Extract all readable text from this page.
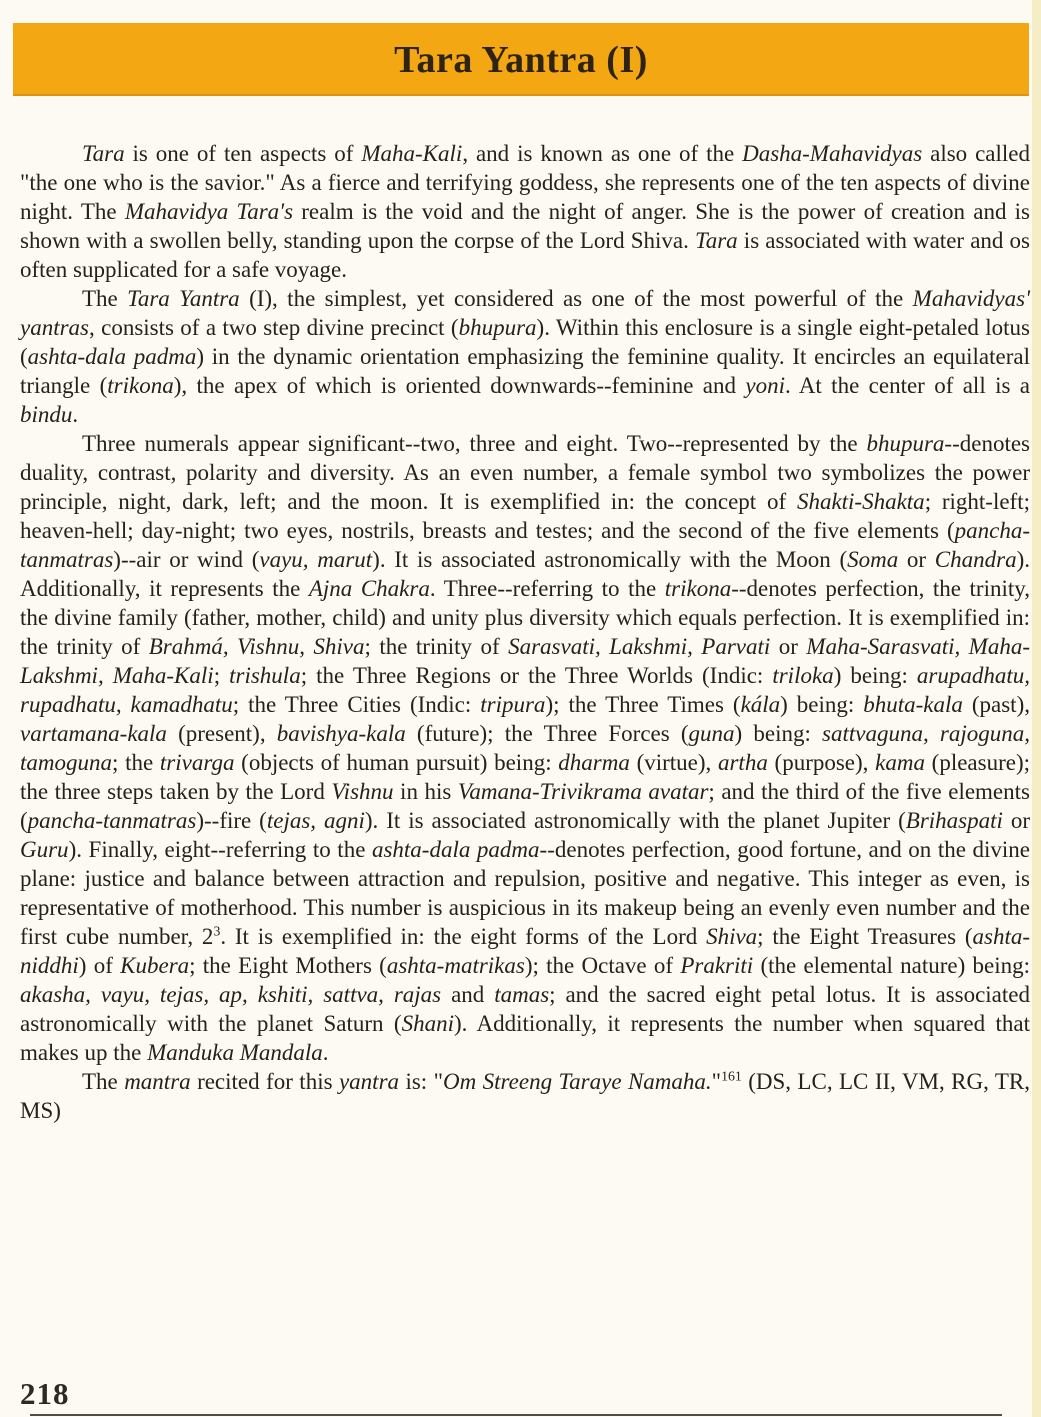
Tara Yantra (I)

Tara is one of ten aspects of Maha-Kali, and is known as one of the Dasha-Mahavidyas also called "the one who is the savior." As a fierce and terrifying goddess, she represents one of the ten aspects of divine night. The Mahavidya Tara's realm is the void and the night of anger. She is the power of creation and is shown with a swollen belly, standing upon the corpse of the Lord Shiva. Tara is associated with water and os often supplicated for a safe voyage.

The Tara Yantra (I), the simplest, yet considered as one of the most powerful of the Mahavidyas' yantras, consists of a two step divine precinct (bhupura). Within this enclosure is a single eight-petaled lotus (ashta-dala padma) in the dynamic orientation emphasizing the feminine quality. It encircles an equilateral triangle (trikona), the apex of which is oriented downwards--feminine and yoni. At the center of all is a bindu.

Three numerals appear significant--two, three and eight. Two--represented by the bhupura--denotes duality, contrast, polarity and diversity. As an even number, a female symbol two symbolizes the power principle, night, dark, left; and the moon. It is exemplified in: the concept of Shakti-Shakta; right-left; heaven-hell; day-night; two eyes, nostrils, breasts and testes; and the second of the five elements (pancha-tanmatras)--air or wind (vayu, marut). It is associated astronomically with the Moon (Soma or Chandra). Additionally, it represents the Ajna Chakra. Three--referring to the trikona--denotes perfection, the trinity, the divine family (father, mother, child) and unity plus diversity which equals perfection. It is exemplified in: the trinity of Brahmá, Vishnu, Shiva; the trinity of Sarasvati, Lakshmi, Parvati or Maha-Sarasvati, Maha-Lakshmi, Maha-Kali; trishula; the Three Regions or the Three Worlds (Indic: triloka) being: arupadhatu, rupadhatu, kamadhatu; the Three Cities (Indic: tripura); the Three Times (kála) being: bhuta-kala (past), vartamana-kala (present), bavishya-kala (future); the Three Forces (guna) being: sattvaguna, rajoguna, tamoguna; the trivarga (objects of human pursuit) being: dharma (virtue), artha (purpose), kama (pleasure); the three steps taken by the Lord Vishnu in his Vamana-Trivikrama avatar; and the third of the five elements (pancha-tanmatras)--fire (tejas, agni). It is associated astronomically with the planet Jupiter (Brihaspati or Guru). Finally, eight--referring to the ashta-dala padma--denotes perfection, good fortune, and on the divine plane: justice and balance between attraction and repulsion, positive and negative. This integer as even, is representative of motherhood. This number is auspicious in its makeup being an evenly even number and the first cube number, $2^3$. It is exemplified in: the eight forms of the Lord Shiva; the Eight Treasures (ashta-niddhi) of Kubera; the Eight Mothers (ashta-matrikas); the Octave of Prakriti (the elemental nature) being: akasha, vayu, tejas, ap, kshiti, sattva, rajas and tamas; and the sacred eight petal lotus. It is associated astronomically with the planet Saturn (Shani). Additionally, it represents the number when squared that makes up the Manduka Mandala.

The mantra recited for this yantra is: "Om Streeng Taraye Namaha."$^{161}$ (DS, LC, LC II, VM, RG, TR, MS)

218
